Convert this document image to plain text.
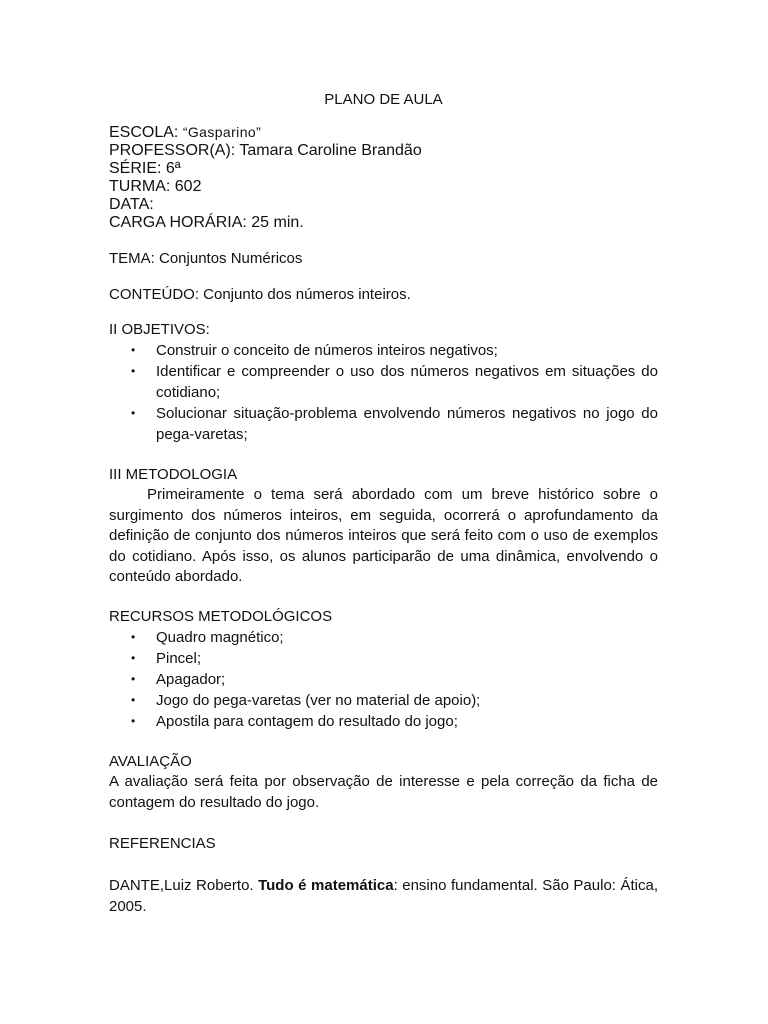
PLANO DE AULA
ESCOLA: “Gasparino”
PROFESSOR(A): Tamara Caroline Brandão
SÉRIE: 6ª
TURMA: 602
DATA:
CARGA HORÁRIA: 25 min.
TEMA: Conjuntos Numéricos
CONTEÚDO: Conjunto dos números inteiros.
II OBJETIVOS:
• Construir o conceito de números inteiros negativos;
• Identificar e compreender o uso dos números negativos em situações do cotidiano;
• Solucionar situação-problema envolvendo números negativos no jogo do pega-varetas;
III METODOLOGIA
Primeiramente o tema será abordado com um breve histórico sobre o surgimento dos números inteiros, em seguida, ocorrerá o aprofundamento da definição de conjunto dos números inteiros que será feito com o uso de exemplos do cotidiano. Após isso, os alunos participarão de uma dinâmica, envolvendo o conteúdo abordado.
RECURSOS METODOLÓGICOS
• Quadro magnético;
• Pincel;
• Apagador;
• Jogo do pega-varetas (ver no material de apoio);
• Apostila para contagem do resultado do jogo;
AVALIAÇÃO
A avaliação será feita por observação de interesse e pela correção da ficha de contagem do resultado do jogo.
REFERENCIAS
DANTE,Luiz Roberto. Tudo é matemática: ensino fundamental. São Paulo: Ática, 2005.
